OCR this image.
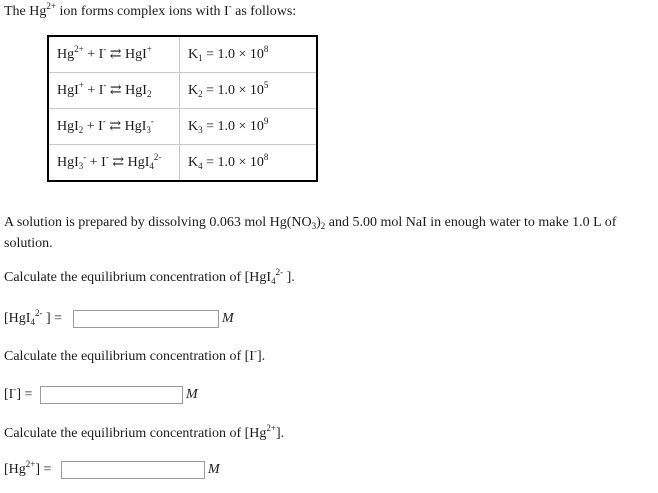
The $Hg^{2+}$ ion forms complex ions with I- as follows:
$Hg^{2+} + I^-$ ⇄ HgI+	$K_1 = 1.0 \times 10^8$
HgI+ + I- ⇄ HgI$_2$	$K_2 = 1.0 \times 10^5$
HgI$_2$ + I- ⇄ HgI$_3$-	$K_3 = 1.0 \times 10^9$
HgI$_3$- + I- ⇄ HgI$_4^{2-}$	$K_4 = 1.0 \times 10^8$
A solution is prepared by dissolving 0.063 mol $Hg(NO_3)_2$ and 5.00 mol NaI in enough water to make 1.0 L of solution.
Calculate the equilibrium concentration of [HgI$_4^{2-}$ ].
[HgI$_4^{2-}$ ] =	M
Calculate the equilibrium concentration of [I-].
[I-] =	M
Calculate the equilibrium concentration of $[Hg^{2+}]$.
$[Hg^{2+}]$ =	M
